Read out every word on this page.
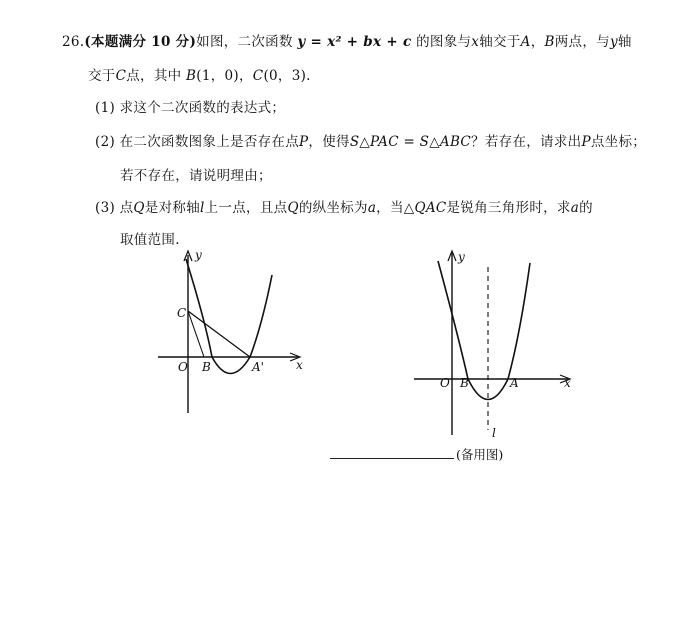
26.(本题满分 10 分)如图，二次函数 y = x² + bx + c 的图象与x轴交于A，B两点，与y轴
交于C点，其中 B(1，0)，C(0，3).
(1) 求这个二次函数的表达式；
(2) 在二次函数图象上是否存在点P，使得S△PAC = S△ABC？若存在，请求出P点坐标；
若不存在，请说明理由；
(3) 点Q是对称轴l上一点，且点Q的纵坐标为a，当△QAC是锐角三角形时，求a的
取值范围.
y
x
C
O B	A'
y
x
O B	A
l
(备用图)
